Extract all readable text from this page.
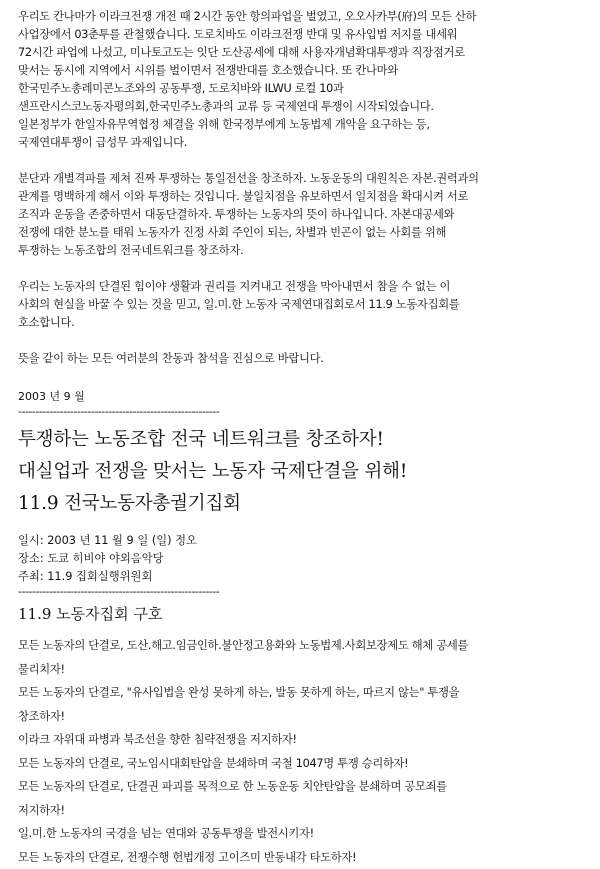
우리도 칸나마가 이라크전쟁 개전 때 2시간 동안 항의파업을 벌였고, 오오사카부(府)의 모든 산하
사업장에서 03춘투를 관철했습니다. 도로치바도 이라크전쟁 반대 및 유사입법 저지를 내세워
72시간 파업에 나섰고, 미나토고도는 잇단 도산공세에 대해 사용자개념확대투쟁과 직장점거로
맞서는 동시에 지역에서 시위를 벌이면서 전쟁반대를 호소했습니다. 또 칸나마와
한국민주노총레미콘노조와의 공동투쟁, 도로치바와 ILWU 로컬 10과
샌프란시스코노동자평의회,한국민주노총과의 교류 등 국제연대 투쟁이 시작되었습니다.
일본정부가 한일자유무역협정 체결을 위해 한국정부에게 노동법제 개악을 요구하는 등,
국제연대투쟁이 급성무 과제입니다.
분단과 개별격파를 제쳐 진짜 투쟁하는 통일전선을 창조하자. 노동운동의 대원칙은 자본.권력과의
관계를 명백하게 해서 이와 투쟁하는 것입니다. 불일치점을 유보하면서 일치점을 확대시켜 서로
조직과 운동을 존중하면서 대동단결하자. 투쟁하는 노동자의 뜻이 하나입니다. 자본대공세와
전쟁에 대한 분노를 태워 노동자가 진정 사회 주인이 되는, 차별과 빈곤이 없는 사회를 위해
투쟁하는 노동조합의 전국네트워크를 창조하자.
우리는 노동자의 단결된 힘이야 생활과 권리를 지켜내고 전쟁을 막아내면서 참을 수 없는 이
사회의 현실을 바꿀 수 있는 것을 믿고, 일.미.한 노동자 국제연대집회로서 11.9 노동자집회를
호소합니다.
뜻을 같이 하는 모든 여러분의 찬동과 참석을 진심으로 바랍니다.
2003 년 9 월
----------------------------------------------------------
투쟁하는 노동조합 전국 네트워크를 창조하자!
대실업과 전쟁을 맞서는 노동자 국제단결을 위해!
11.9 전국노동자총궐기집회
일시: 2003 년 11 월 9 일 (일) 정오
장소: 도쿄 히비야 야외음악당
주최: 11.9 집회실행위원회
----------------------------------------------------------
11.9 노동자집회 구호
모든 노동자의 단결로, 도산.해고.임금인하.불안정고용화와 노동법제.사회보장제도 해체 공세를
물리치자!
모든 노동자의 단결로, "유사입법을 완성 못하게 하는, 발동 못하게 하는, 따르지 않는" 투쟁을
창조하자!
이라크 자위대 파병과 북조선을 향한 침략전쟁을 저지하자!
모든 노동자의 단결로, 국노임시대회탄압을 분쇄하며 국철 1047명 투쟁 승리하자!
모든 노동자의 단결로, 단결권 파괴를 목적으로 한 노동운동 치안탄압을 분쇄하며 공모죄를
저지하자!
일.미.한 노동자의 국경을 넘는 연대와 공동투쟁을 발전시키자!
모든 노동자의 단결로, 전쟁수행 헌법개정 고이즈미 반동내각 타도하자!
